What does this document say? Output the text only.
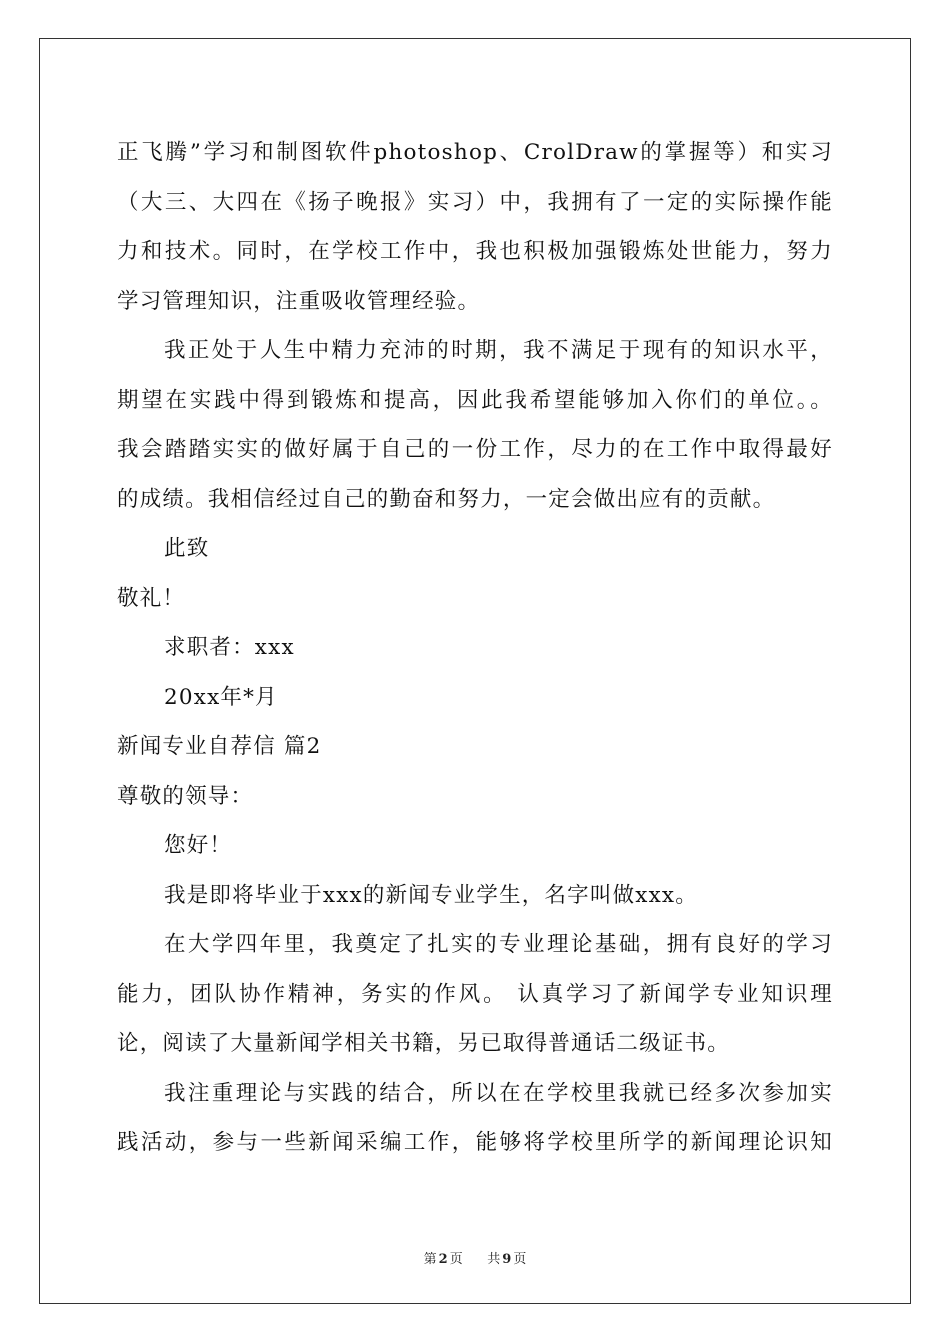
正飞腾”学习和制图软件photoshop、CrolDraw的掌握等）和实习
（大三、大四在《扬子晚报》实习）中，我拥有了一定的实际操作能
力和技术。同时，在学校工作中，我也积极加强锻炼处世能力，努力
学习管理知识，注重吸收管理经验。
我正处于人生中精力充沛的时期，我不满足于现有的知识水平，
期望在实践中得到锻炼和提高，因此我希望能够加入你们的单位。。
我会踏踏实实的做好属于自己的一份工作，尽力的在工作中取得最好
的成绩。我相信经过自己的勤奋和努力，一定会做出应有的贡献。
此致
敬礼！
求职者：xxx
20xx年*月
新闻专业自荐信 篇2
尊敬的领导：
您好！
我是即将毕业于xxx的新闻专业学生，名字叫做xxx。
在大学四年里，我奠定了扎实的专业理论基础，拥有良好的学习
能力，团队协作精神，务实的作风。 认真学习了新闻学专业知识理
论，阅读了大量新闻学相关书籍，另已取得普通话二级证书。
我注重理论与实践的结合，所以在在学校里我就已经多次参加实
践活动，参与一些新闻采编工作，能够将学校里所学的新闻理论识知
第 2 页 共 9 页
